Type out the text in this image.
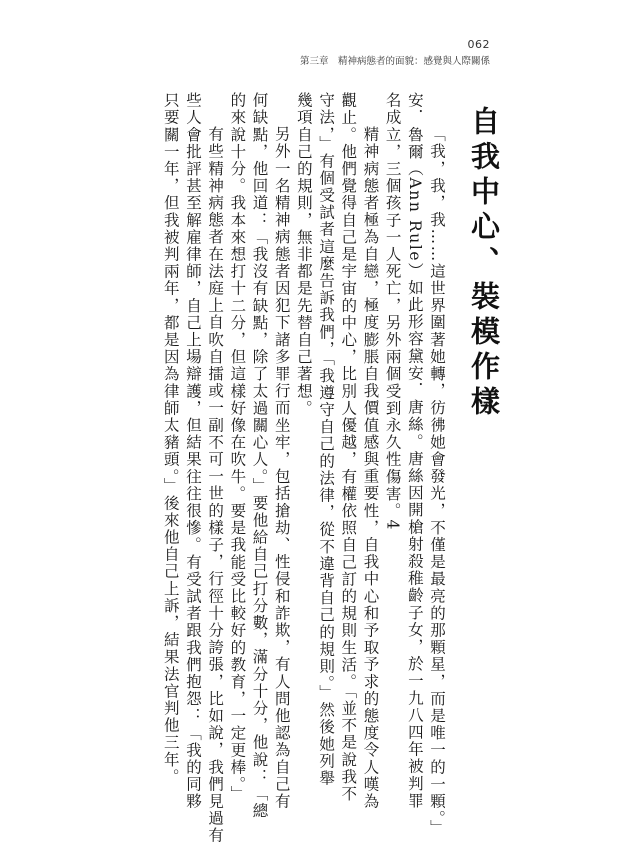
062
第三章　精神病態者的面貌：感覺與人際關係
自我中心、裝模作樣
「我，我，我……這世界圍著她轉，彷彿她會發光，不僅是最亮的那顆星，而是唯一的一顆。」
安．魯爾（Ann Rule）如此形容黛安．唐絲。唐絲因開槍射殺稚齡子女，於一九八四年被判罪
名成立，三個孩子一人死亡，另外兩個受到永久性傷害。4
精神病態者極為自戀，極度膨脹自我價值感與重要性，自我中心和予取予求的態度令人嘆為
觀止。他們覺得自己是宇宙的中心，比別人優越，有權依照自己訂的規則生活。「並不是說我不
守法，」有個受試者這麼告訴我們，「我遵守自己的法律，從不違背自己的規則。」然後她列舉
幾項自己的規則，無非都是先替自己著想。
另外一名精神病態者因犯下諸多罪行而坐牢，包括搶劫、性侵和詐欺，有人問他認為自己有
何缺點，他回道：「我沒有缺點，除了太過關心人。」要他給自己打分數，滿分十分，他說：「總
的來說十分。我本來想打十二分，但這樣好像在吹牛。要是我能受比較好的教育，一定更棒。」
有些精神病態者在法庭上自吹自擂或一副不可一世的樣子，行徑十分誇張，比如說，我們見過有
些人會批評甚至解雇律師，自己上場辯護，但結果往往很慘。有受試者跟我們抱怨：「我的同夥
只要關一年，但我被判兩年，都是因為律師太豬頭。」後來他自己上訴，結果法官判他三年。
